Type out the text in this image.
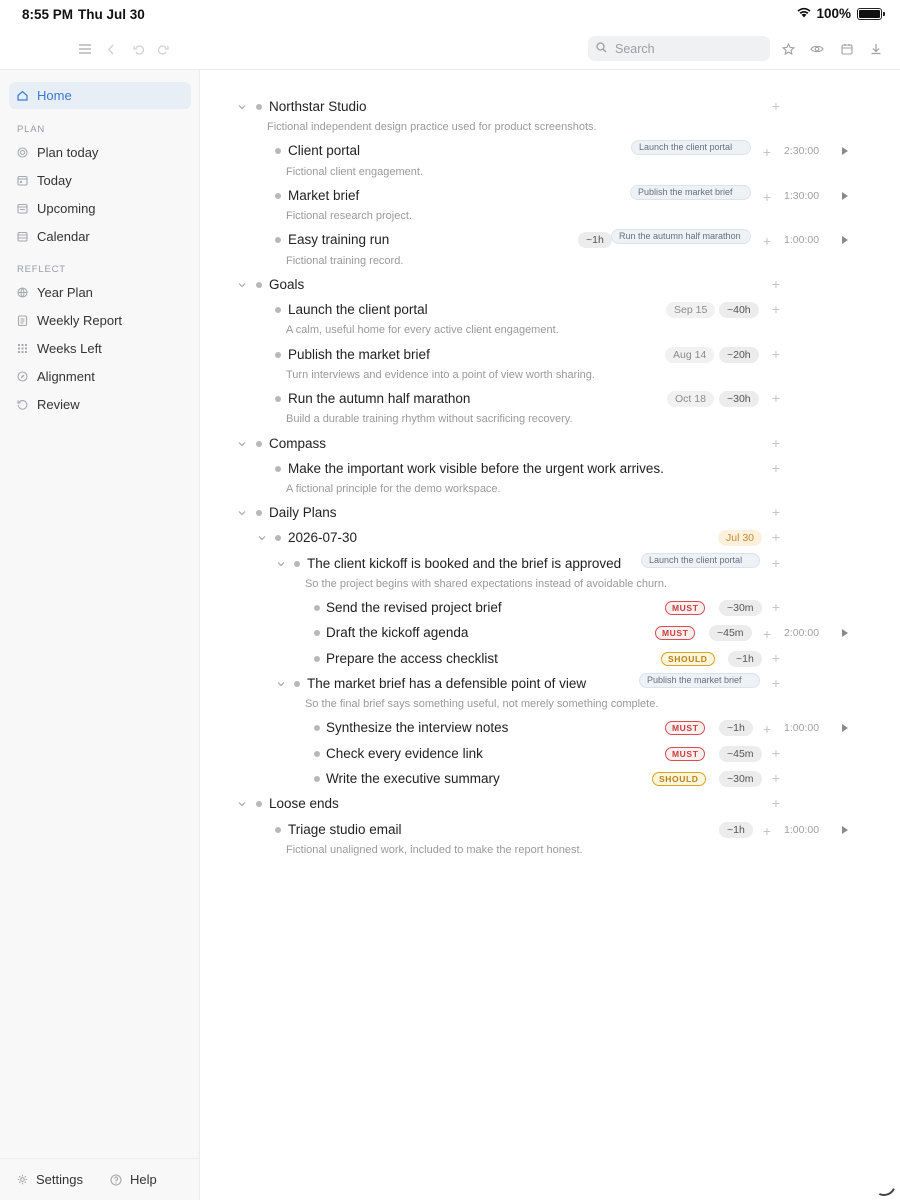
8:55 PM Thu Jul 30	100%
Search
Home
PLAN
Plan today
Today
Upcoming
Calendar
REFLECT
Year Plan
Weekly Report
Weeks Left
Alignment
Review
Settings	Help
Northstar Studio	+
Fictional independent design practice used for product screenshots.
Client portal	Launch the client portal	+ 2:30:00
Fictional client engagement.
Market brief	Publish the market brief	+ 1:30:00
Fictional research project.
Easy training run	~1h	Run the autumn half marathon	+ 1:00:00
Fictional training record.
Goals	+
Launch the client portal	Sep 15	~40h	+
A calm, useful home for every active client engagement.
Publish the market brief	Aug 14	~20h	+
Turn interviews and evidence into a point of view worth sharing.
Run the autumn half marathon	Oct 18	~30h	+
Build a durable training rhythm without sacrificing recovery.
Compass	+
Make the important work visible before the urgent work arrives.	+
A fictional principle for the demo workspace.
Daily Plans	+
2026-07-30	Jul 30	+
The client kickoff is booked and the brief is approved	Launch the client portal	+
So the project begins with shared expectations instead of avoidable churn.
Send the revised project brief	MUST	~30m	+
Draft the kickoff agenda	MUST	~45m	+ 2:00:00
Prepare the access checklist	SHOULD	~1h	+
The market brief has a defensible point of view	Publish the market brief	+
So the final brief says something useful, not merely something complete.
Synthesize the interview notes	MUST	~1h	+ 1:00:00
Check every evidence link	MUST	~45m	+
Write the executive summary	SHOULD	~30m	+
Loose ends	+
Triage studio email	~1h	+ 1:00:00
Fictional unaligned work, included to make the report honest.
